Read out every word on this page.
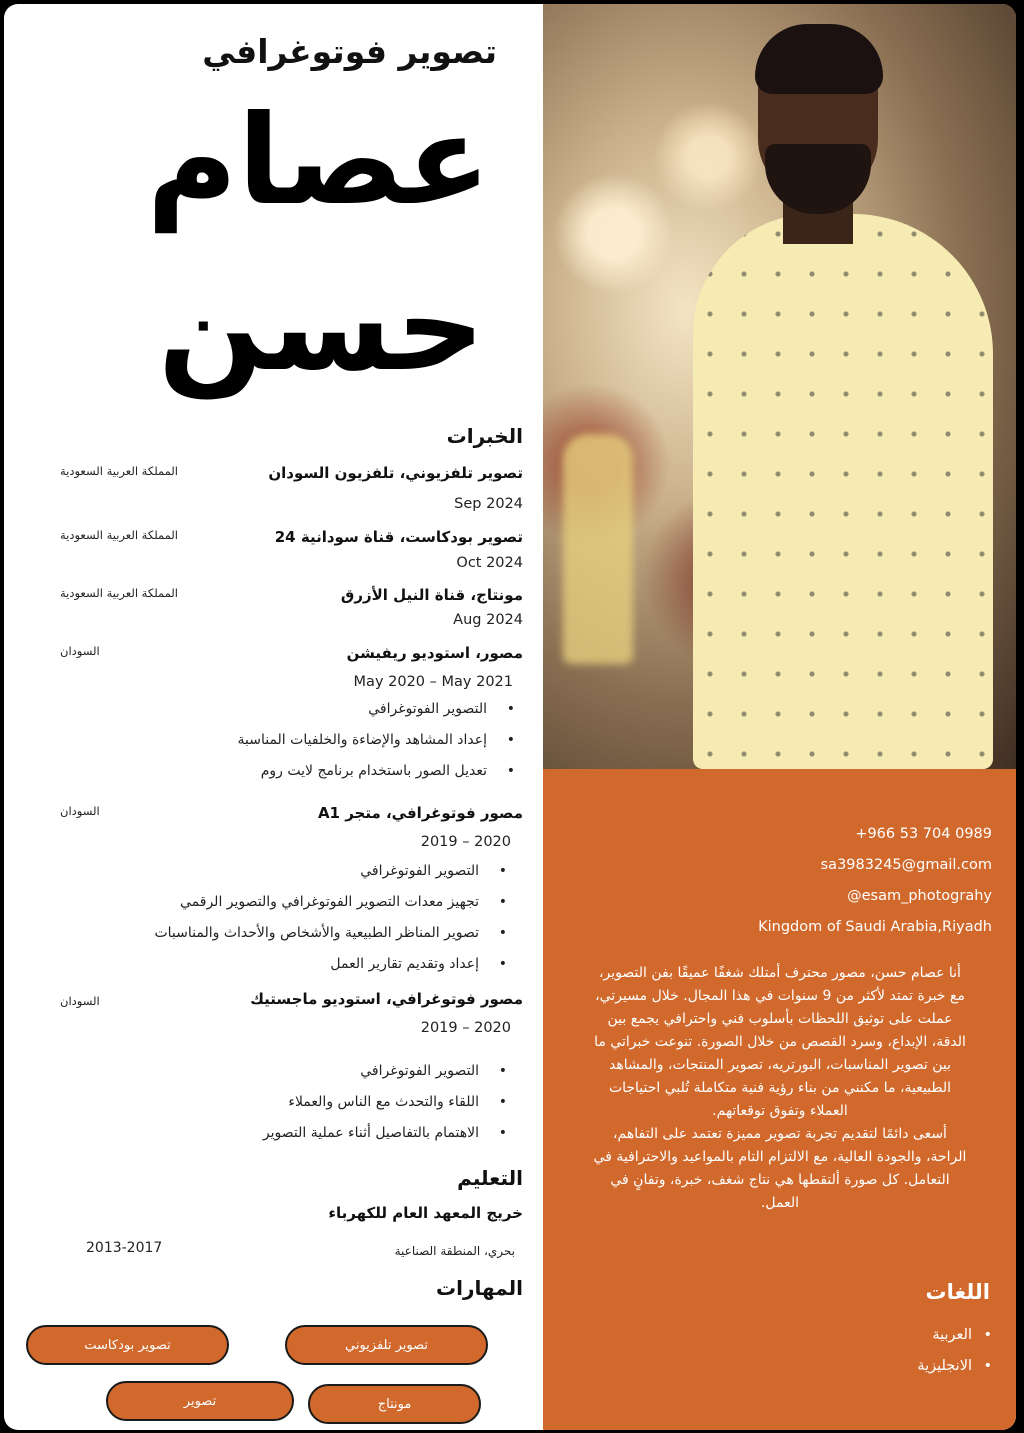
تصوير فوتوغرافي
عصام
حسن
الخبرات
تصوير تلفزيوني، تلفزيون السودان
المملكة العربية السعودية
Sep 2024
تصوير بودكاست، قناة سودانية 24
المملكة العربية السعودية
Oct 2024
مونتاج، قناة النيل الأزرق
المملكة العربية السعودية
Aug 2024
مصور، استوديو ريفيشن
السودان
May 2020 – May 2021
• التصوير الفوتوغرافي
• إعداد المشاهد والإضاءة والخلفيات المناسبة
• تعديل الصور باستخدام برنامج لايت روم
مصور فوتوغرافي، متجر A1
السودان
2019 – 2020
• التصوير الفوتوغرافي
• تجهيز معدات التصوير الفوتوغرافي والتصوير الرقمي
• تصوير المناظر الطبيعية والأشخاص والأحداث والمناسبات
• إعداد وتقديم تقارير العمل
مصور فوتوغرافي، استوديو ماجستيك
السودان
2019 – 2020
• التصوير الفوتوغرافي
• اللقاء والتحدث مع الناس والعملاء
• الاهتمام بالتفاصيل أثناء عملية التصوير
التعليم
خريج المعهد العام للكهرباء
2013-2017	بحري، المنطقة الصناعية
المهارات
تصوير تلفزيوني
تصوير بودكاست
مونتاج
تصوير
+966 53 704 0989
sa3983245@gmail.com
@esam_photograhy
Kingdom of Saudi Arabia,Riyadh
أنا عصام حسن، مصور محترف أمتلك شغفًا عميقًا بفن التصوير،
مع خبرة تمتد لأكثر من 9 سنوات في هذا المجال. خلال مسيرتي،
عملت على توثيق اللحظات بأسلوب فني واحترافي يجمع بين
الدقة، الإبداع، وسرد القصص من خلال الصورة. تنوعت خبراتي ما
بين تصوير المناسبات، البورتريه، تصوير المنتجات، والمشاهد
الطبيعية، ما مكنني من بناء رؤية فنية متكاملة تُلبي احتياجات
العملاء وتفوق توقعاتهم.
أسعى دائمًا لتقديم تجربة تصوير مميزة تعتمد على التفاهم،
الراحة، والجودة العالية، مع الالتزام التام بالمواعيد والاحترافية في
التعامل. كل صورة ألتقطها هي نتاج شغف، خبرة، وتفانٍ في
العمل.
اللغات
• العربية
• الانجليزية
